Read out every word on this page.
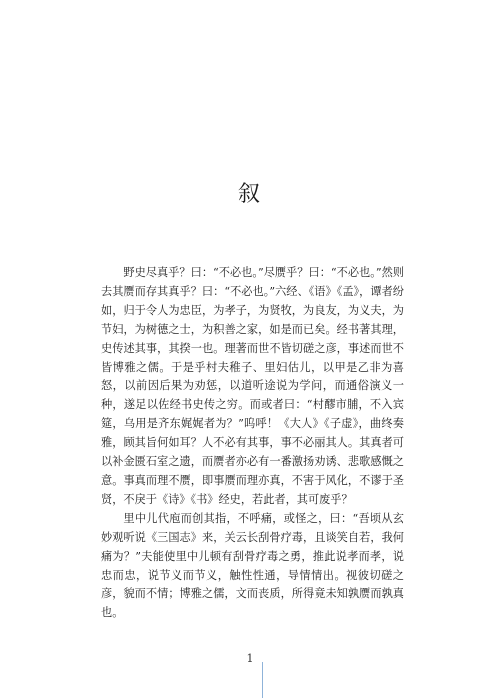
叙

野史尽真乎？曰：“不必也。”尽赝乎？曰：“不必也。”然则去其赝而存其真乎？曰：“不必也。”六经、《语》《孟》，谭者纷如，归于令人为忠臣，为孝子，为贤牧，为良友，为义夫，为节妇，为树德之士，为积善之家，如是而已矣。经书著其理，史传述其事，其揆一也。理著而世不皆切磋之彦，事述而世不皆博雅之儒。于是乎村夫稚子、里妇估儿，以甲是乙非为喜怒，以前因后果为劝惩，以道听途说为学问，而通俗演义一种，遂足以佐经书史传之穷。而或者曰：“村醪市脯，不入宾筵，乌用是齐东娓娓者为？”呜呼！《大人》《子虚》，曲终奏雅，顾其旨何如耳？人不必有其事，事不必丽其人。其真者可以补金匮石室之遗，而赝者亦必有一番激扬劝诱、悲歌感慨之意。事真而理不赝，即事赝而理亦真，不害于风化，不谬于圣贤，不戾于《诗》《书》经史，若此者，其可废乎？

里中儿代庖而创其指，不呼痛，或怪之，曰：“吾顷从玄妙观听说《三国志》来，关云长刮骨疗毒，且谈笑自若，我何痛为？”夫能使里中儿顿有刮骨疗毒之勇，推此说孝而孝，说忠而忠，说节义而节义，触性性通，导情情出。视彼切磋之彦，貌而不情；博雅之儒，文而丧质，所得竟未知孰赝而孰真也。

1
